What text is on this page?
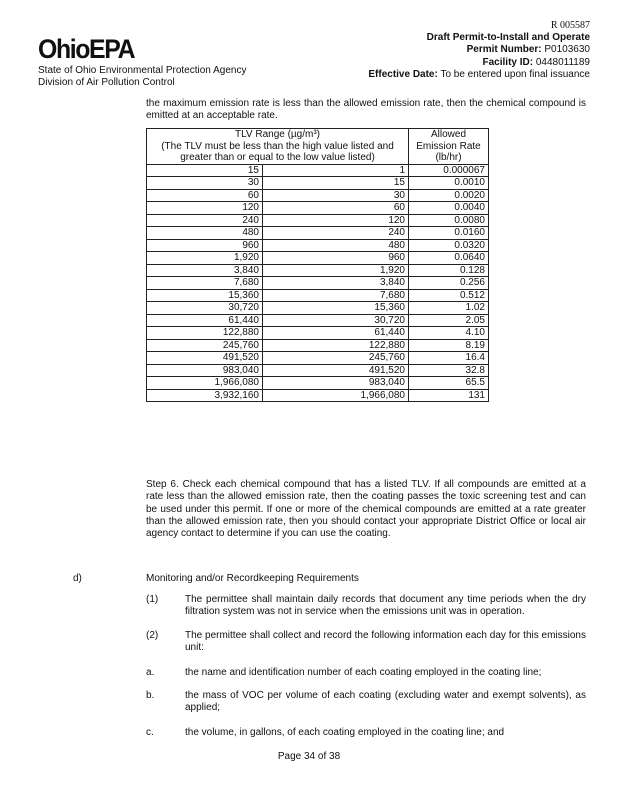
OhioEPA
State of Ohio Environmental Protection Agency
Division of Air Pollution Control
R 005587
Draft Permit-to-Install and Operate
Permit Number: P0103630
Facility ID: 0448011189
Effective Date: To be entered upon final issuance
the maximum emission rate is less than the allowed emission rate, then the chemical compound is emitted at an acceptable rate.
TLV Range (µg/m³)
(The TLV must be less than the high value listed and greater than or equal to the low value listed)		Allowed Emission Rate (lb/hr)
15	1	0.000067
30	15	0.0010
60	30	0.0020
120	60	0.0040
240	120	0.0080
480	240	0.0160
960	480	0.0320
1,920	960	0.0640
3,840	1,920	0.128
7,680	3,840	0.256
15,360	7,680	0.512
30,720	15,360	1.02
61,440	30,720	2.05
122,880	61,440	4.10
245,760	122,880	8.19
491,520	245,760	16.4
983,040	491,520	32.8
1,966,080	983,040	65.5
3,932,160	1,966,080	131
Step 6. Check each chemical compound that has a listed TLV. If all compounds are emitted at a rate less than the allowed emission rate, then the coating passes the toxic screening test and can be used under this permit. If one or more of the chemical compounds are emitted at a rate greater than the allowed emission rate, then you should contact your appropriate District Office or local air agency contact to determine if you can use the coating.
d)	Monitoring and/or Recordkeeping Requirements
(1)	The permittee shall maintain daily records that document any time periods when the dry filtration system was not in service when the emissions unit was in operation.
(2)	The permittee shall collect and record the following information each day for this emissions unit:
a.	the name and identification number of each coating employed in the coating line;
b.	the mass of VOC per volume of each coating (excluding water and exempt solvents), as applied;
c.	the volume, in gallons, of each coating employed in the coating line; and
Page 34 of 38
